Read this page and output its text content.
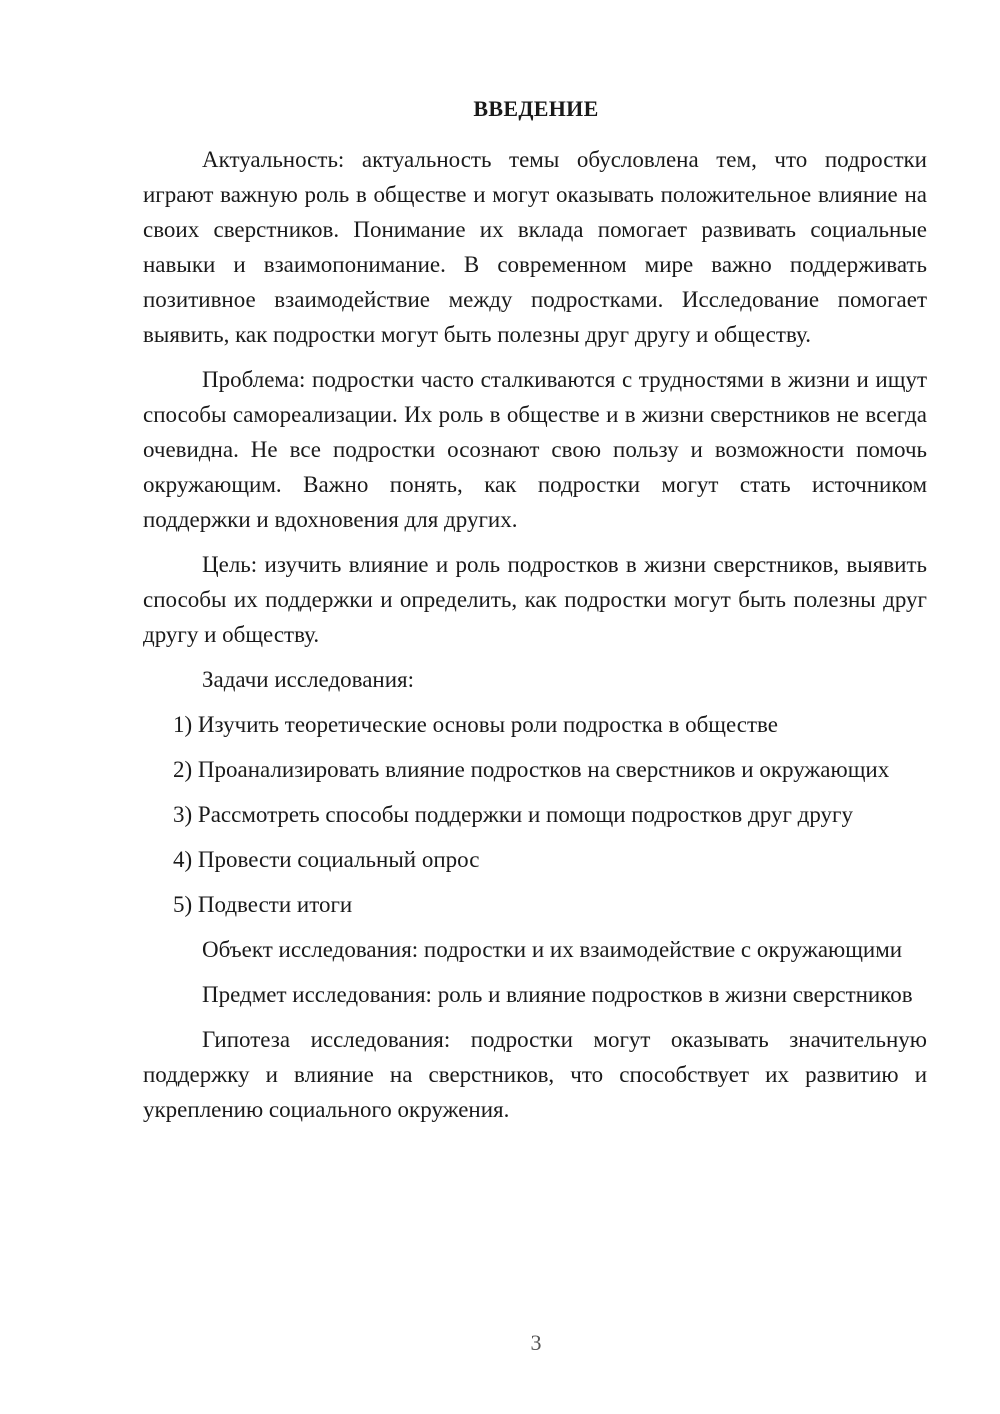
ВВЕДЕНИЕ

Актуальность: актуальность темы обусловлена тем, что подростки играют важную роль в обществе и могут оказывать положительное влияние на своих сверстников. Понимание их вклада помогает развивать социальные навыки и взаимопонимание. В современном мире важно поддерживать позитивное взаимодействие между подростками. Исследование помогает выявить, как подростки могут быть полезны друг другу и обществу.

Проблема: подростки часто сталкиваются с трудностями в жизни и ищут способы самореализации. Их роль в обществе и в жизни сверстников не всегда очевидна. Не все подростки осознают свою пользу и возможности помочь окружающим. Важно понять, как подростки могут стать источником поддержки и вдохновения для других.

Цель: изучить влияние и роль подростков в жизни сверстников, выявить способы их поддержки и определить, как подростки могут быть полезны друг другу и обществу.

Задачи исследования:

1) Изучить теоретические основы роли подростка в обществе

2) Проанализировать влияние подростков на сверстников и окружающих

3) Рассмотреть способы поддержки и помощи подростков друг другу

4) Провести социальный опрос

5) Подвести итоги

Объект исследования: подростки и их взаимодействие с окружающими

Предмет исследования: роль и влияние подростков в жизни сверстников

Гипотеза исследования: подростки могут оказывать значительную поддержку и влияние на сверстников, что способствует их развитию и укреплению социального окружения.

3
